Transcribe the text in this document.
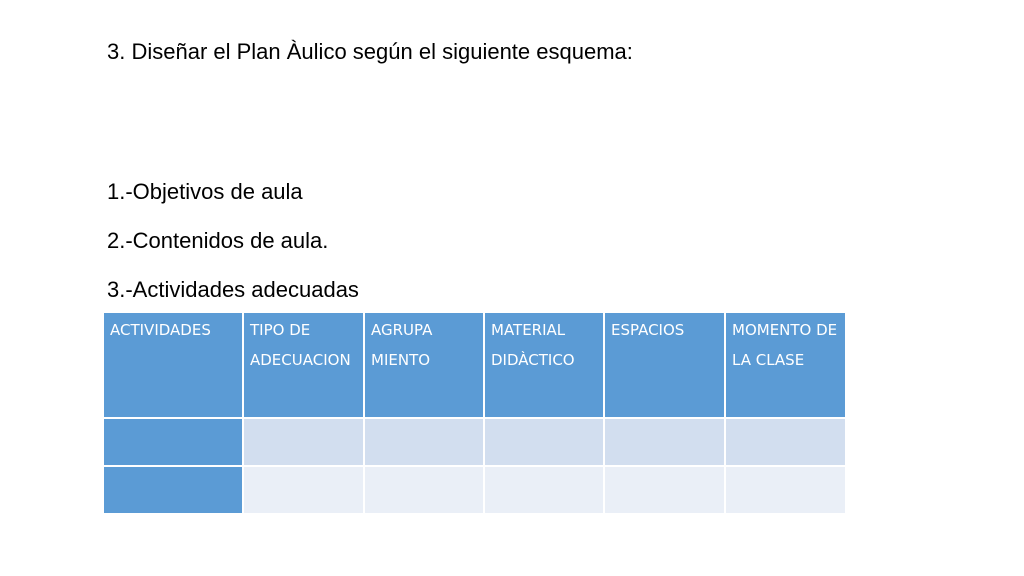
3. Diseñar el Plan Àulico según el siguiente esquema:
1.-Objetivos de aula
2.-Contenidos de aula.
3.-Actividades adecuadas
ACTIVIDADES	TIPO DE ADECUACION	AGRUPA MIENTO	MATERIAL DIDÀCTICO	ESPACIOS	MOMENTO DE LA CLASE
